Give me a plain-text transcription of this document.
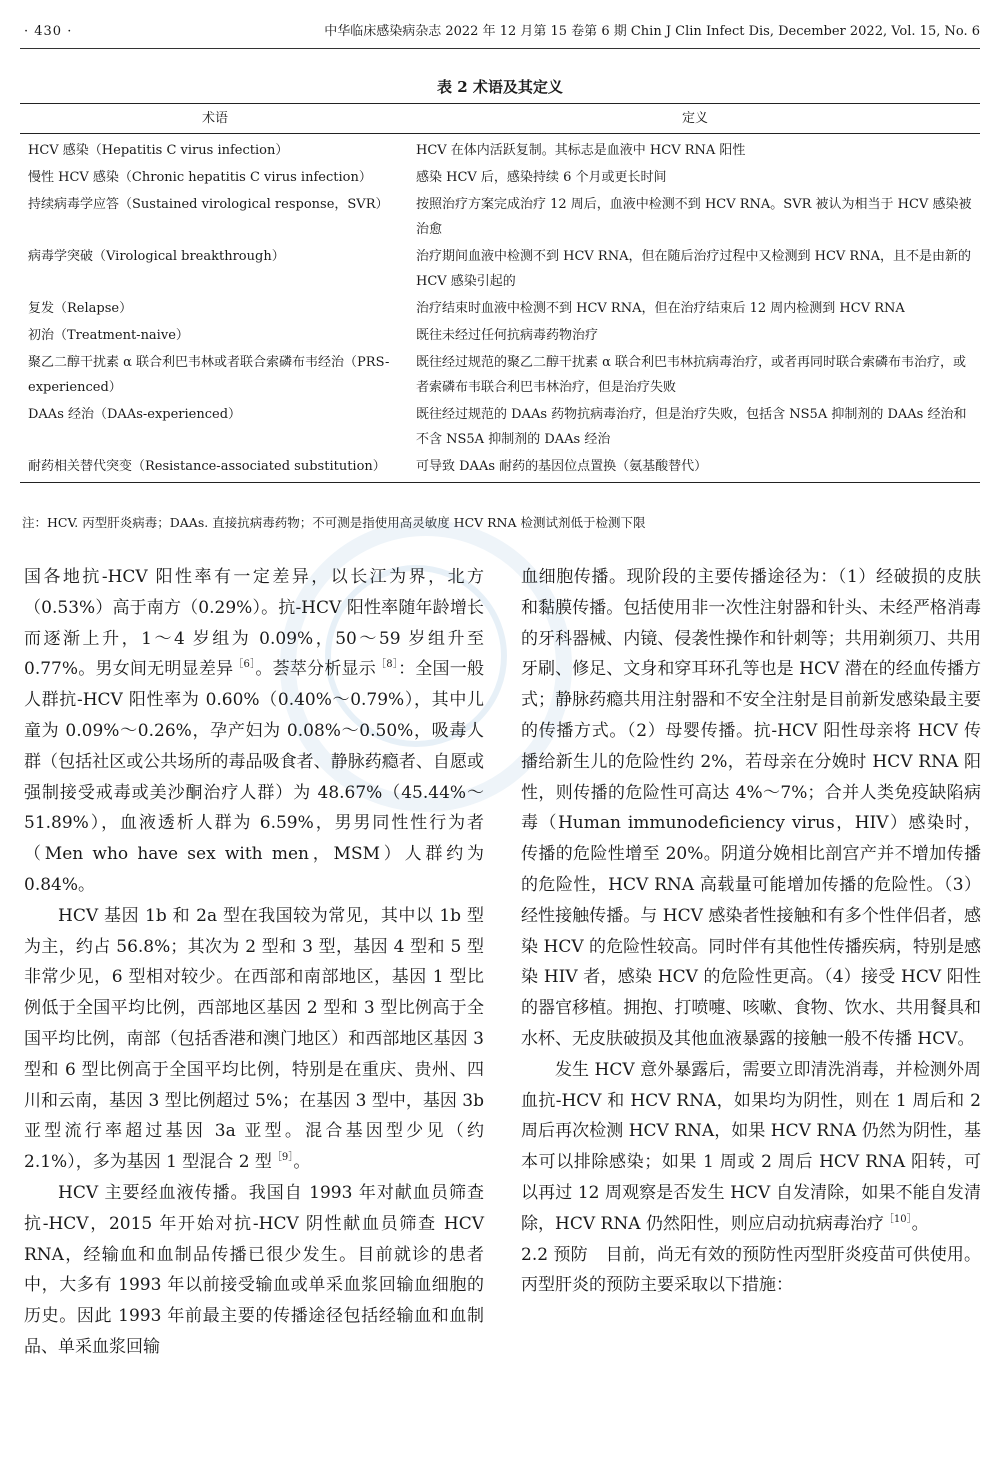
· 430 ·	中华临床感染病杂志 2022 年 12 月第 15 卷第 6 期 Chin J Clin Infect Dis, December 2022, Vol. 15, No. 6
表 2 术语及其定义
术语	定义
HCV 感染（Hepatitis C virus infection）	HCV 在体内活跃复制。其标志是血液中 HCV RNA 阳性
慢性 HCV 感染（Chronic hepatitis C virus infection）	感染 HCV 后，感染持续 6 个月或更长时间
持续病毒学应答（Sustained virological response，SVR）	按照治疗方案完成治疗 12 周后，血液中检测不到 HCV RNA。SVR 被认为相当于 HCV 感染被治愈
病毒学突破（Virological breakthrough）	治疗期间血液中检测不到 HCV RNA，但在随后治疗过程中又检测到 HCV RNA，且不是由新的 HCV 感染引起的
复发（Relapse）	治疗结束时血液中检测不到 HCV RNA，但在治疗结束后 12 周内检测到 HCV RNA
初治（Treatment-naive）	既往未经过任何抗病毒药物治疗
聚乙二醇干扰素 α 联合利巴韦林或者联合索磷布韦经治（PRS-experienced）	既往经过规范的聚乙二醇干扰素 α 联合利巴韦林抗病毒治疗，或者再同时联合索磷布韦治疗，或者索磷布韦联合利巴韦林治疗，但是治疗失败
DAAs 经治（DAAs-experienced）	既往经过规范的 DAAs 药物抗病毒治疗，但是治疗失败，包括含 NS5A 抑制剂的 DAAs 经治和不含 NS5A 抑制剂的 DAAs 经治
耐药相关替代突变（Resistance-associated substitution）	可导致 DAAs 耐药的基因位点置换（氨基酸替代）
注：HCV. 丙型肝炎病毒；DAAs. 直接抗病毒药物；不可测是指使用高灵敏度 HCV RNA 检测试剂低于检测下限

国各地抗-HCV 阳性率有一定差异，以长江为界，北方（0.53%）高于南方（0.29%）。抗-HCV 阳性率随年龄增长而逐渐上升，1～4 岁组为 0.09%，50～59 岁组升至 0.77%。男女间无明显差异$^{[6]}$。荟萃分析显示$^{[8]}$：全国一般人群抗-HCV 阳性率为 0.60%（0.40%～0.79%），其中儿童为 0.09%～0.26%，孕产妇为 0.08%～0.50%，吸毒人群（包括社区或公共场所的毒品吸食者、静脉药瘾者、自愿或强制接受戒毒或美沙酮治疗人群）为 48.67%（45.44%～51.89%），血液透析人群为 6.59%，男男同性性行为者（Men who have sex with men，MSM）人群约为 0.84%。

HCV 基因 1b 和 2a 型在我国较为常见，其中以 1b 型为主，约占 56.8%；其次为 2 型和 3 型，基因 4 型和 5 型非常少见，6 型相对较少。在西部和南部地区，基因 1 型比例低于全国平均比例，西部地区基因 2 型和 3 型比例高于全国平均比例，南部（包括香港和澳门地区）和西部地区基因 3 型和 6 型比例高于全国平均比例，特别是在重庆、贵州、四川和云南，基因 3 型比例超过 5%；在基因 3 型中，基因 3b 亚型流行率超过基因 3a 亚型。混合基因型少见（约 2.1%），多为基因 1 型混合 2 型$^{[9]}$。

HCV 主要经血液传播。我国自 1993 年对献血员筛查抗-HCV，2015 年开始对抗-HCV 阴性献血员筛查 HCV RNA，经输血和血制品传播已很少发生。目前就诊的患者中，大多有 1993 年以前接受输血或单采血浆回输血细胞的历史。因此 1993 年前最主要的传播途径包括经输血和血制品、单采血浆回输

血细胞传播。现阶段的主要传播途径为：（1）经破损的皮肤和黏膜传播。包括使用非一次性注射器和针头、未经严格消毒的牙科器械、内镜、侵袭性操作和针刺等；共用剃须刀、共用牙刷、修足、文身和穿耳环孔等也是 HCV 潜在的经血传播方式；静脉药瘾共用注射器和不安全注射是目前新发感染最主要的传播方式。（2）母婴传播。抗-HCV 阳性母亲将 HCV 传播给新生儿的危险性约 2%，若母亲在分娩时 HCV RNA 阳性，则传播的危险性可高达 4%～7%；合并人类免疫缺陷病毒（Human immunodeficiency virus，HIV）感染时，传播的危险性增至 20%。阴道分娩相比剖宫产并不增加传播的危险性，HCV RNA 高载量可能增加传播的危险性。（3）经性接触传播。与 HCV 感染者性接触和有多个性伴侣者，感染 HCV 的危险性较高。同时伴有其他性传播疾病，特别是感染 HIV 者，感染 HCV 的危险性更高。（4）接受 HCV 阳性的器官移植。拥抱、打喷嚏、咳嗽、食物、饮水、共用餐具和水杯、无皮肤破损及其他血液暴露的接触一般不传播 HCV。

发生 HCV 意外暴露后，需要立即清洗消毒，并检测外周血抗-HCV 和 HCV RNA，如果均为阴性，则在 1 周后和 2 周后再次检测 HCV RNA，如果 HCV RNA 仍然为阴性，基本可以排除感染；如果 1 周或 2 周后 HCV RNA 阳转，可以再过 12 周观察是否发生 HCV 自发清除，如果不能自发清除，HCV RNA 仍然阳性，则应启动抗病毒治疗$^{[10]}$。

2.2 预防 目前，尚无有效的预防性丙型肝炎疫苗可供使用。丙型肝炎的预防主要采取以下措施：
